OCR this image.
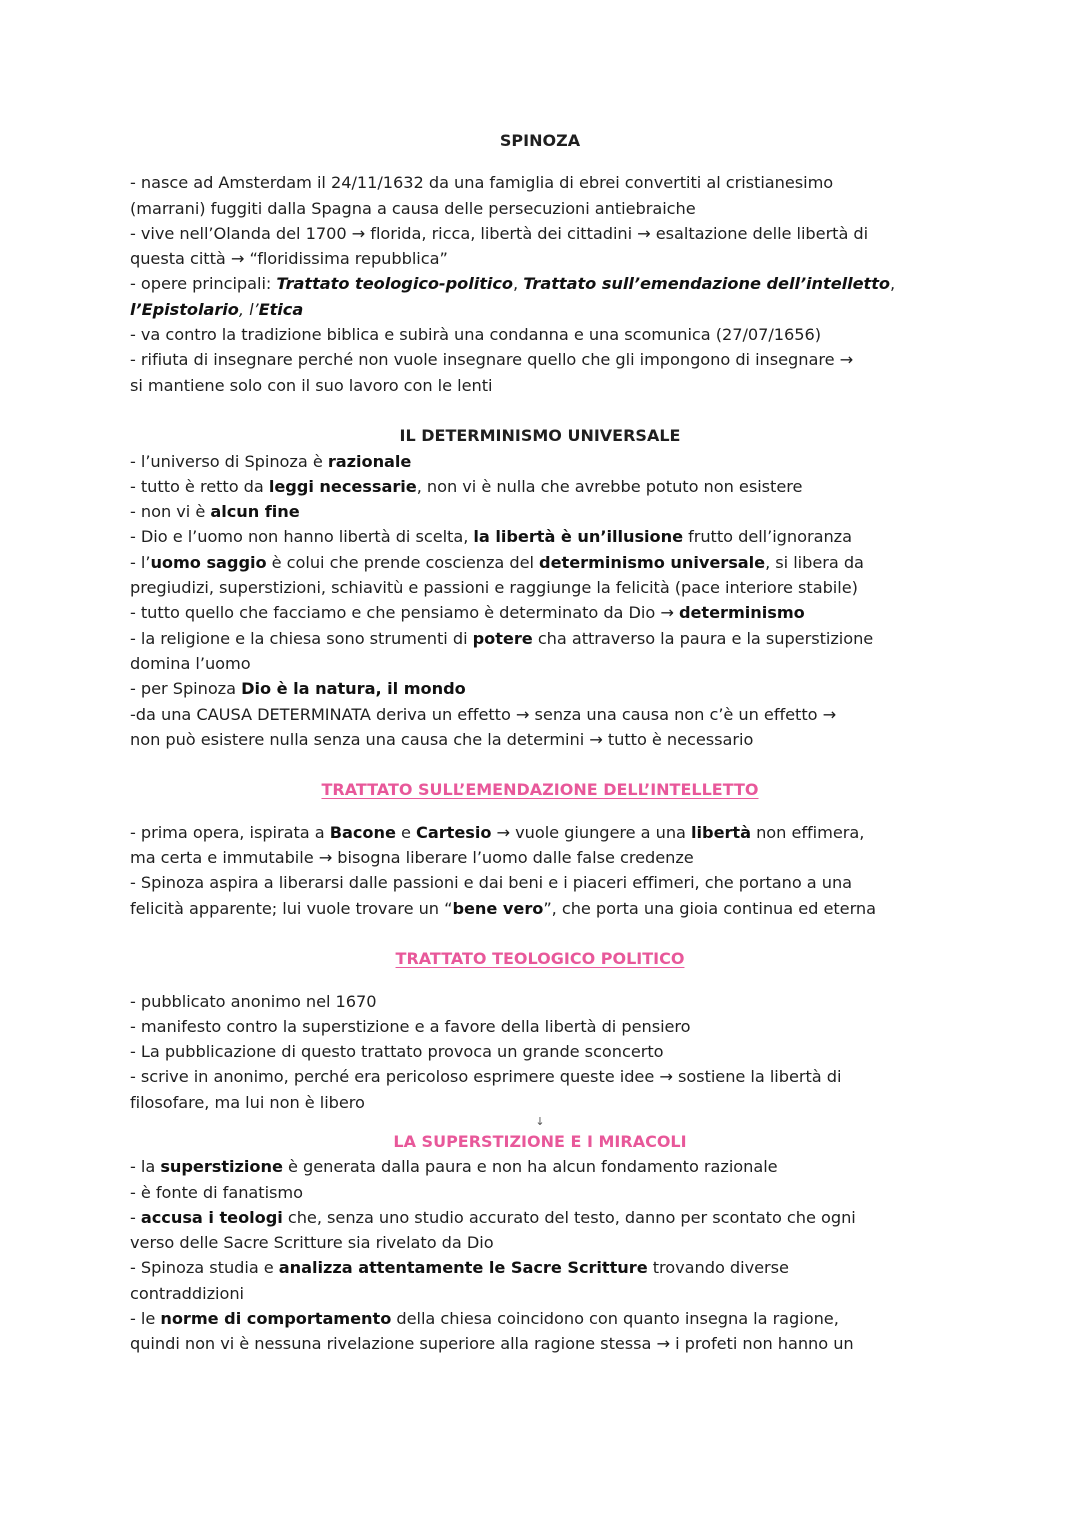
SPINOZA
- nasce ad Amsterdam il 24/11/1632 da una famiglia di ebrei convertiti al cristianesimo
(marrani) fuggiti dalla Spagna a causa delle persecuzioni antiebraiche
- vive nell’Olanda del 1700 → florida, ricca, libertà dei cittadini → esaltazione delle libertà di
questa città → “floridissima repubblica”
- opere principali: Trattato teologico-politico, Trattato sull’emendazione dell’intelletto,
l’Epistolario, l’Etica
- va contro la tradizione biblica e subirà una condanna e una scomunica (27/07/1656)
- rifiuta di insegnare perché non vuole insegnare quello che gli impongono di insegnare →
si mantiene solo con il suo lavoro con le lenti
IL DETERMINISMO UNIVERSALE
- l’universo di Spinoza è razionale
- tutto è retto da leggi necessarie, non vi è nulla che avrebbe potuto non esistere
- non vi è alcun fine
- Dio e l’uomo non hanno libertà di scelta, la libertà è un’illusione frutto dell’ignoranza
- l’uomo saggio è colui che prende coscienza del determinismo universale, si libera da
pregiudizi, superstizioni, schiavitù e passioni e raggiunge la felicità (pace interiore stabile)
- tutto quello che facciamo e che pensiamo è determinato da Dio → determinismo
- la religione e la chiesa sono strumenti di potere cha attraverso la paura e la superstizione
domina l’uomo
- per Spinoza Dio è la natura, il mondo
-da una CAUSA DETERMINATA deriva un effetto → senza una causa non c’è un effetto →
non può esistere nulla senza una causa che la determini → tutto è necessario
TRATTATO SULL’EMENDAZIONE DELL’INTELLETTO
- prima opera, ispirata a Bacone e Cartesio → vuole giungere a una libertà non effimera,
ma certa e immutabile → bisogna liberare l’uomo dalle false credenze
- Spinoza aspira a liberarsi dalle passioni e dai beni e i piaceri effimeri, che portano a una
felicità apparente; lui vuole trovare un “bene vero”, che porta una gioia continua ed eterna
TRATTATO TEOLOGICO POLITICO
- pubblicato anonimo nel 1670
- manifesto contro la superstizione e a favore della libertà di pensiero
- La pubblicazione di questo trattato provoca un grande sconcerto
- scrive in anonimo, perché era pericoloso esprimere queste idee → sostiene la libertà di
filosofare, ma lui non è libero
↓
LA SUPERSTIZIONE E I MIRACOLI
- la superstizione è generata dalla paura e non ha alcun fondamento razionale
- è fonte di fanatismo
- accusa i teologi che, senza uno studio accurato del testo, danno per scontato che ogni
verso delle Sacre Scritture sia rivelato da Dio
- Spinoza studia e analizza attentamente le Sacre Scritture trovando diverse
contraddizioni
- le norme di comportamento della chiesa coincidono con quanto insegna la ragione,
quindi non vi è nessuna rivelazione superiore alla ragione stessa → i profeti non hanno un
